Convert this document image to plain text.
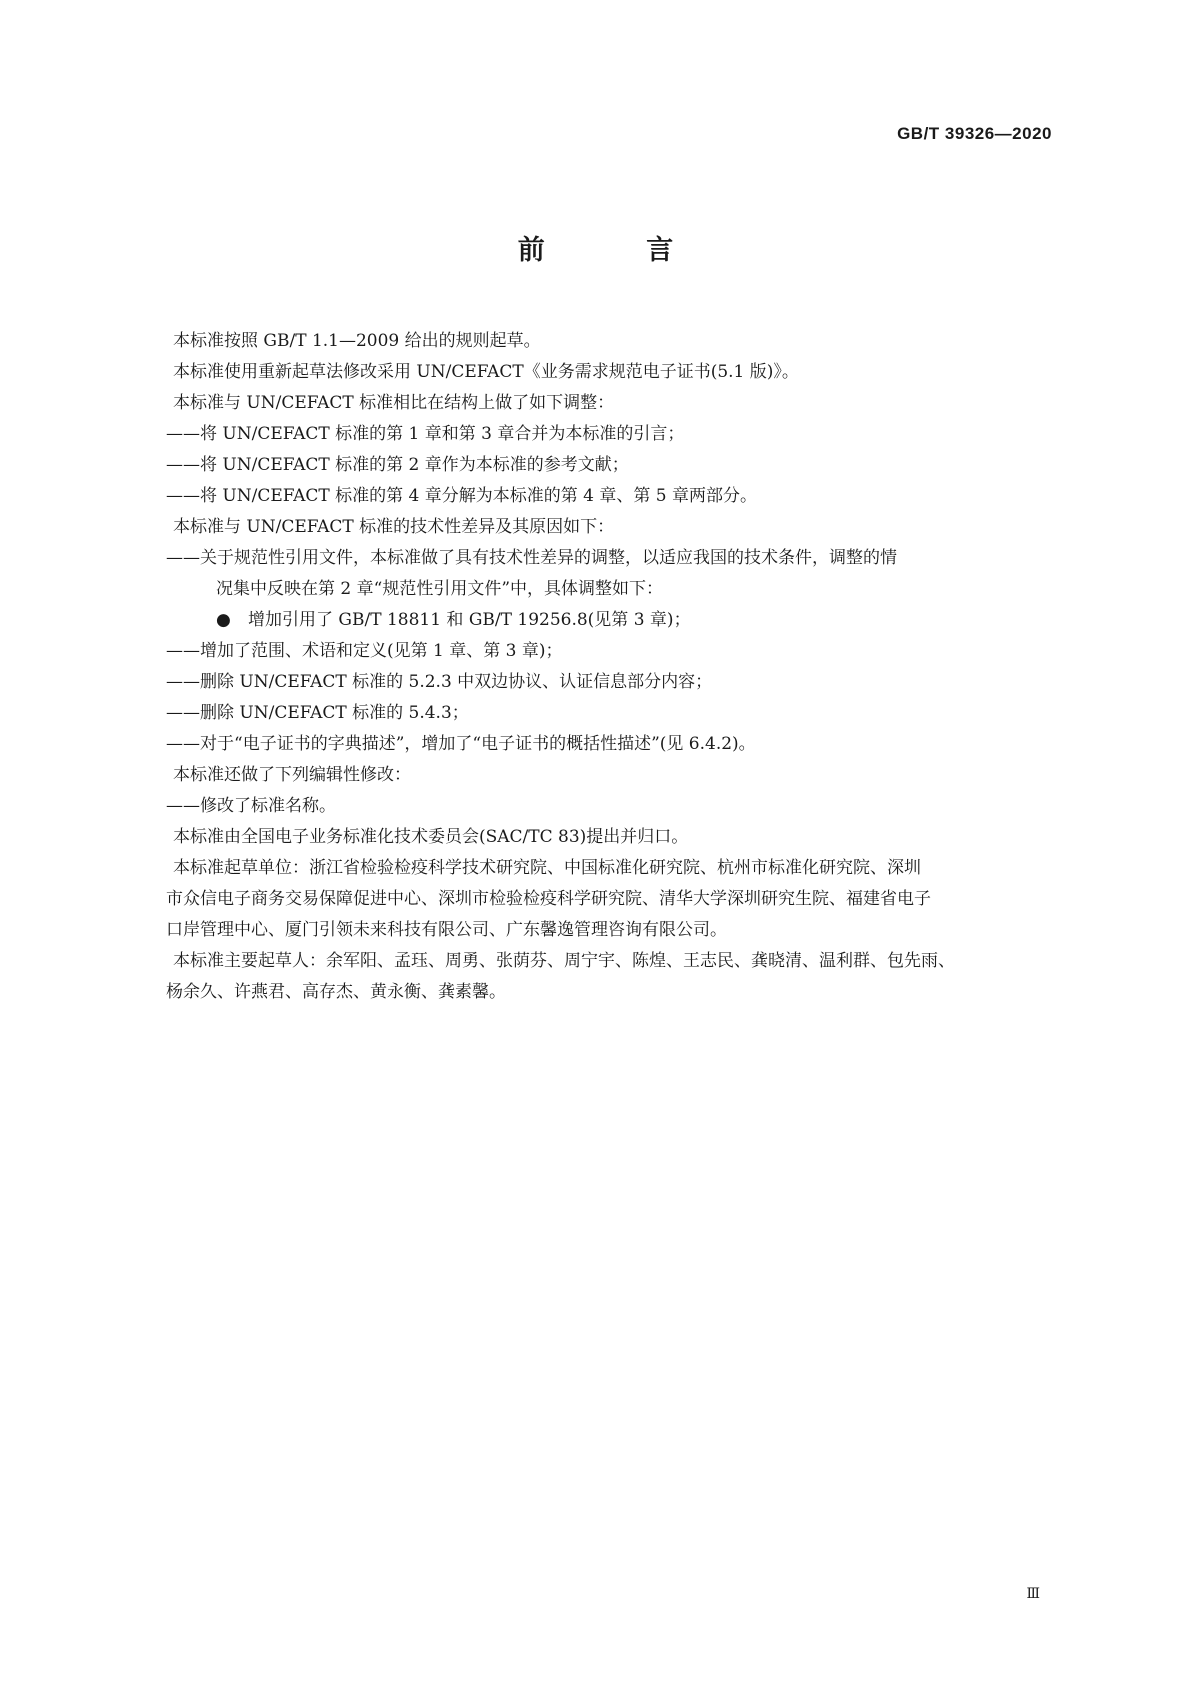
GB/T 39326—2020
前 言
本标准按照 GB/T 1.1—2009 给出的规则起草。
本标准使用重新起草法修改采用 UN/CEFACT《业务需求规范电子证书(5.1 版)》。
本标准与 UN/CEFACT 标准相比在结构上做了如下调整：
——将 UN/CEFACT 标准的第 1 章和第 3 章合并为本标准的引言；
——将 UN/CEFACT 标准的第 2 章作为本标准的参考文献；
——将 UN/CEFACT 标准的第 4 章分解为本标准的第 4 章、第 5 章两部分。
本标准与 UN/CEFACT 标准的技术性差异及其原因如下：
——关于规范性引用文件，本标准做了具有技术性差异的调整，以适应我国的技术条件，调整的情
况集中反映在第 2 章“规范性引用文件”中，具体调整如下：
● 增加引用了 GB/T 18811 和 GB/T 19256.8(见第 3 章)；
——增加了范围、术语和定义(见第 1 章、第 3 章)；
——删除 UN/CEFACT 标准的 5.2.3 中双边协议、认证信息部分内容；
——删除 UN/CEFACT 标准的 5.4.3；
——对于“电子证书的字典描述”，增加了“电子证书的概括性描述”(见 6.4.2)。
本标准还做了下列编辑性修改：
——修改了标准名称。
本标准由全国电子业务标准化技术委员会(SAC/TC 83)提出并归口。
本标准起草单位：浙江省检验检疫科学技术研究院、中国标准化研究院、杭州市标准化研究院、深圳
市众信电子商务交易保障促进中心、深圳市检验检疫科学研究院、清华大学深圳研究生院、福建省电子
口岸管理中心、厦门引领未来科技有限公司、广东馨逸管理咨询有限公司。
本标准主要起草人：余军阳、孟珏、周勇、张荫芬、周宁宇、陈煌、王志民、龚晓清、温利群、包先雨、
杨余久、许燕君、高存杰、黄永衡、龚素馨。
Ⅲ
